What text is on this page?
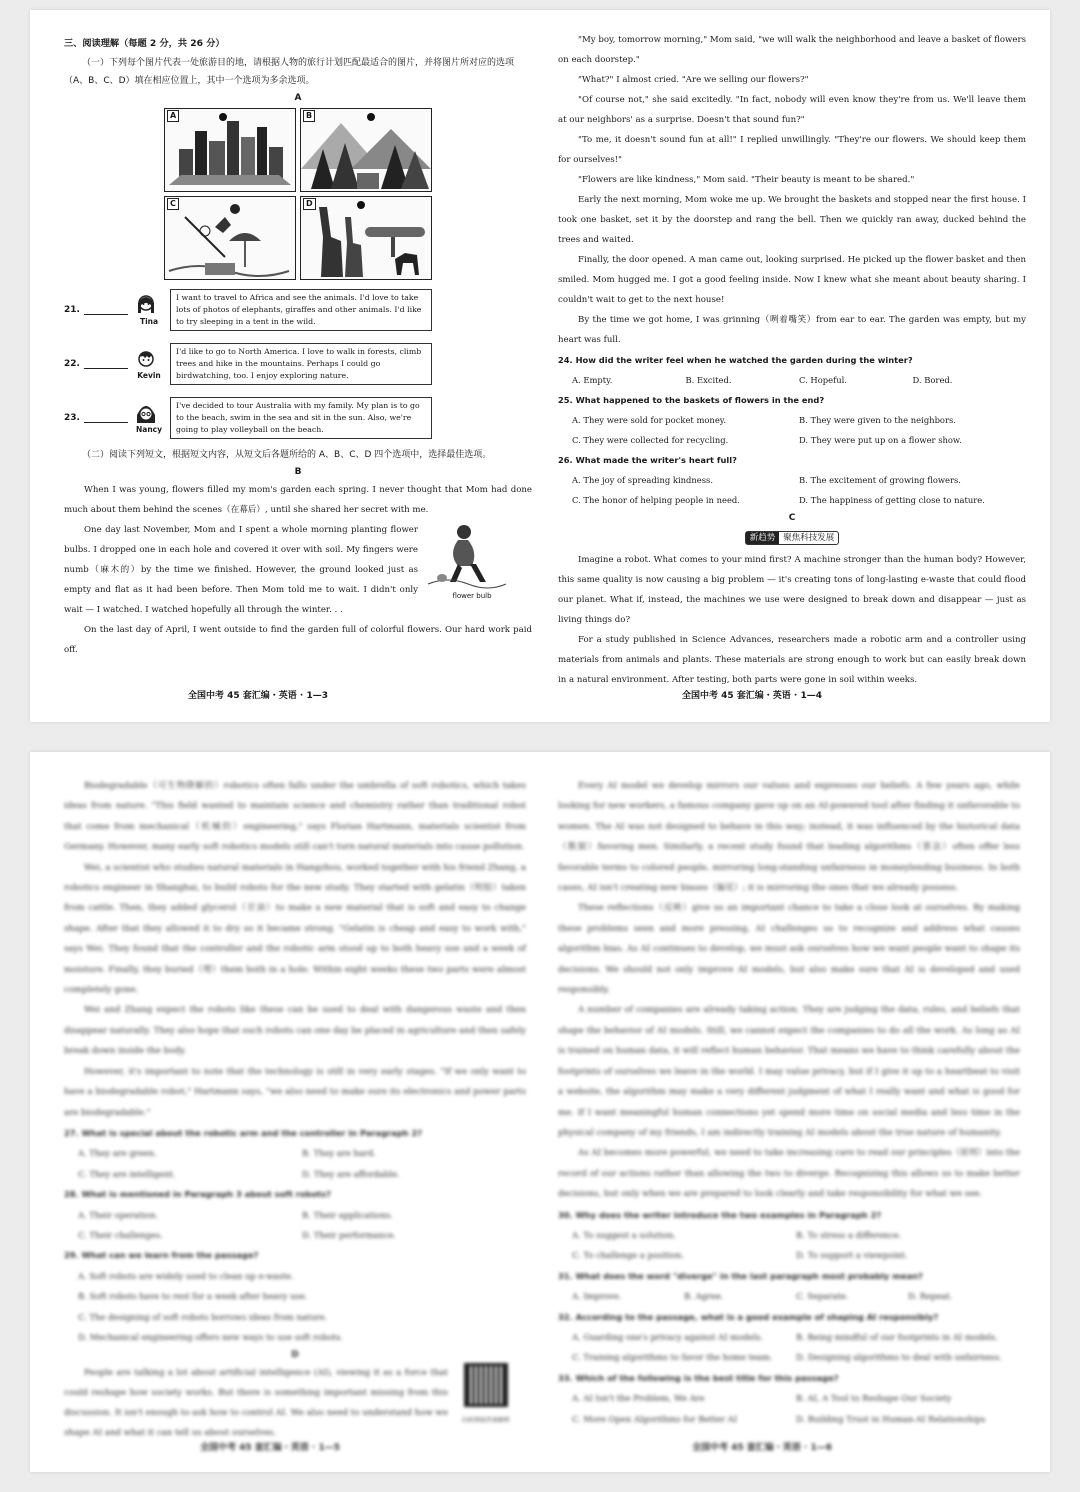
三、阅读理解（每题 2 分，共 26 分）
（一）下列每个图片代表一处旅游目的地，请根据人物的旅行计划匹配最适合的图片，并将图片所对应的选项（A、B、C、D）填在相应位置上，其中一个选项为多余选项。
A
A	B
C	D
21.
Tina
I want to travel to Africa and see the animals. I'd love to take lots of photos of elephants, giraffes and other animals. I'd like to try sleeping in a tent in the wild.
22.
Kevin
I'd like to go to North America. I love to walk in forests, climb trees and hike in the mountains. Perhaps I could go birdwatching, too. I enjoy exploring nature.
23.
Nancy
I've decided to tour Australia with my family. My plan is to go to the beach, swim in the sea and sit in the sun. Also, we're going to play volleyball on the beach.
（二）阅读下列短文，根据短文内容，从短文后各题所给的 A、B、C、D 四个选项中，选择最佳选项。
B
When I was young, flowers filled my mom's garden each spring. I never thought that Mom had done much about them behind the scenes（在幕后）, until she shared her secret with me.
One day last November, Mom and I spent a whole morning planting flower bulbs. I dropped one in each hole and covered it over with soil. My fingers were numb（麻木的）by the time we finished. However, the ground looked just as empty and flat as it had been before. Then Mom told me to wait. I didn't only wait — I watched. I watched hopefully all through the winter. . .
flower bulb
On the last day of April, I went outside to find the garden full of colorful flowers. Our hard work paid off.
全国中考 45 套汇编・英语 · 1—3
"My boy, tomorrow morning," Mom said, "we will walk the neighborhood and leave a basket of flowers on each doorstep."
"What?" I almost cried. "Are we selling our flowers?"
"Of course not," she said excitedly. "In fact, nobody will even know they're from us. We'll leave them at our neighbors' as a surprise. Doesn't that sound fun?"
"To me, it doesn't sound fun at all!" I replied unwillingly. "They're our flowers. We should keep them for ourselves!"
"Flowers are like kindness," Mom said. "Their beauty is meant to be shared."
Early the next morning, Mom woke me up. We brought the baskets and stopped near the first house. I took one basket, set it by the doorstep and rang the bell. Then we quickly ran away, ducked behind the trees and waited.
Finally, the door opened. A man came out, looking surprised. He picked up the flower basket and then smiled. Mom hugged me. I got a good feeling inside. Now I knew what she meant about beauty sharing. I couldn't wait to get to the next house!
By the time we got home, I was grinning（咧着嘴笑）from ear to ear. The garden was empty, but my heart was full.
24. How did the writer feel when he watched the garden during the winter?
A. Empty.	B. Excited.	C. Hopeful.	D. Bored.
25. What happened to the baskets of flowers in the end?
A. They were sold for pocket money.	B. They were given to the neighbors.
C. They were collected for recycling.	D. They were put up on a flower show.
26. What made the writer's heart full?
A. The joy of spreading kindness.	B. The excitement of growing flowers.
C. The honor of helping people in need.	D. The happiness of getting close to nature.
C
新趋势 聚焦科技发展
Imagine a robot. What comes to your mind first? A machine stronger than the human body? However, this same quality is now causing a big problem — it's creating tons of long-lasting e-waste that could flood our planet. What if, instead, the machines we use were designed to break down and disappear — just as living things do?
For a study published in Science Advances, researchers made a robotic arm and a controller using materials from animals and plants. These materials are strong enough to work but can easily break down in a natural environment. After testing, both parts were gone in soil within weeks.
全国中考 45 套汇编・英语 · 1—4
Biodegradable（可生物降解的）robotics often falls under the umbrella of soft robotics, which takes ideas from nature. "This field wanted to maintain science and chemistry rather than traditional robot that come from mechanical（机械的）engineering," says Florian Hartmann, materials scientist from Germany. However, many early soft robotics models still can't turn natural materials into cause pollution.
Wei, a scientist who studies natural materials in Hangzhou, worked together with his friend Zhang, a robotics engineer in Shanghai, to build robots for the new study. They started with gelatin（明胶）taken from cattle. Then, they added glycerol（甘油）to make a new material that is soft and easy to change shape. After that they allowed it to dry so it became strong. "Gelatin is cheap and easy to work with," says Wei. They found that the controller and the robotic arm stood up to both heavy use and a week of moisture. Finally, they buried（埋）them both in a hole. Within eight weeks these two parts were almost completely gone.
Wei and Zhang expect the robots like these can be used to deal with dangerous waste and then disappear naturally. They also hope that such robots can one day be placed in agriculture and then safely break down inside the body.
However, it's important to note that the technology is still in very early stages. "If we only want to have a biodegradable robot," Hartmann says, "we also need to make sure its electronics and power parts are biodegradable."
27. What is special about the robotic arm and the controller in Paragraph 2?
A. They are green.	B. They are hard.
C. They are intelligent.	D. They are affordable.
28. What is mentioned in Paragraph 3 about soft robots?
A. Their operation.	B. Their applications.
C. Their challenges.	D. Their performance.
29. What can we learn from the passage?
A. Soft robots are widely used to clean up e-waste.
B. Soft robots have to rest for a week after heavy use.
C. The designing of soft robots borrows ideas from nature.
D. Mechanical engineering offers new ways to use soft robots.
D
People are talking a lot about artificial intelligence (AI), viewing it as a force that could reshape how society works. But there is something important missing from this discussion. It isn't enough to ask how to control AI. We also need to understand how we shape AI and what it can tell us about ourselves.
扫码领取答案解析
全国中考 45 套汇编・英语 · 1—5
Every AI model we develop mirrors our values and expresses our beliefs. A few years ago, while looking for new workers, a famous company gave up on an AI-powered tool after finding it unfavorable to women. The AI was not designed to behave in this way; instead, it was influenced by the historical data（数据）favoring men. Similarly, a recent study found that leading algorithms（算法）often offer less favorable terms to colored people, mirroring long-standing unfairness in moneylending business. In both cases, AI isn't creating new biases（偏见）; it is mirroring the ones that we already possess.
These reflections（反映）give us an important chance to take a close look at ourselves. By making these problems seen and more pressing, AI challenges us to recognize and address what causes algorithm bias. As AI continues to develop, we must ask ourselves how we want people want to shape its decisions. We should not only improve AI models, but also make sure that AI is developed and used responsibly.
A number of companies are already taking action. They are judging the data, rules, and beliefs that shape the behavior of AI models. Still, we cannot expect the companies to do all the work. As long as AI is trained on human data, it will reflect human behavior. That means we have to think carefully about the footprints of ourselves we leave in the world. I may value privacy, but if I give it up to a heartbeat to visit a website, the algorithm may make a very different judgment of what I really want and what is good for me. If I want meaningful human connections yet spend more time on social media and less time in the physical company of my friends, I am indirectly training AI models about the true nature of humanity.
As AI becomes more powerful, we need to take increasing care to read our principles（原则）into the record of our actions rather than allowing the two to diverge. Recognizing this allows us to make better decisions, but only when we are prepared to look clearly and take responsibility for what we see.
30. Why does the writer introduce the two examples in Paragraph 2?
A. To suggest a solution.	B. To stress a difference.
C. To challenge a position.	D. To support a viewpoint.
31. What does the word "diverge" in the last paragraph most probably mean?
A. Improve.	B. Agree.	C. Separate.	D. Repeat.
32. According to the passage, what is a good example of shaping AI responsibly?
A. Guarding one's privacy against AI models.	B. Being mindful of our footprints in AI models.
C. Training algorithms to favor the home team.	D. Designing algorithms to deal with unfairness.
33. Which of the following is the best title for this passage?
A. AI Isn't the Problem, We Are	B. AI, A Tool to Reshape Our Society
C. More Open Algorithms for Better AI	D. Building Trust in Human-AI Relationships
全国中考 45 套汇编・英语 · 1—6
